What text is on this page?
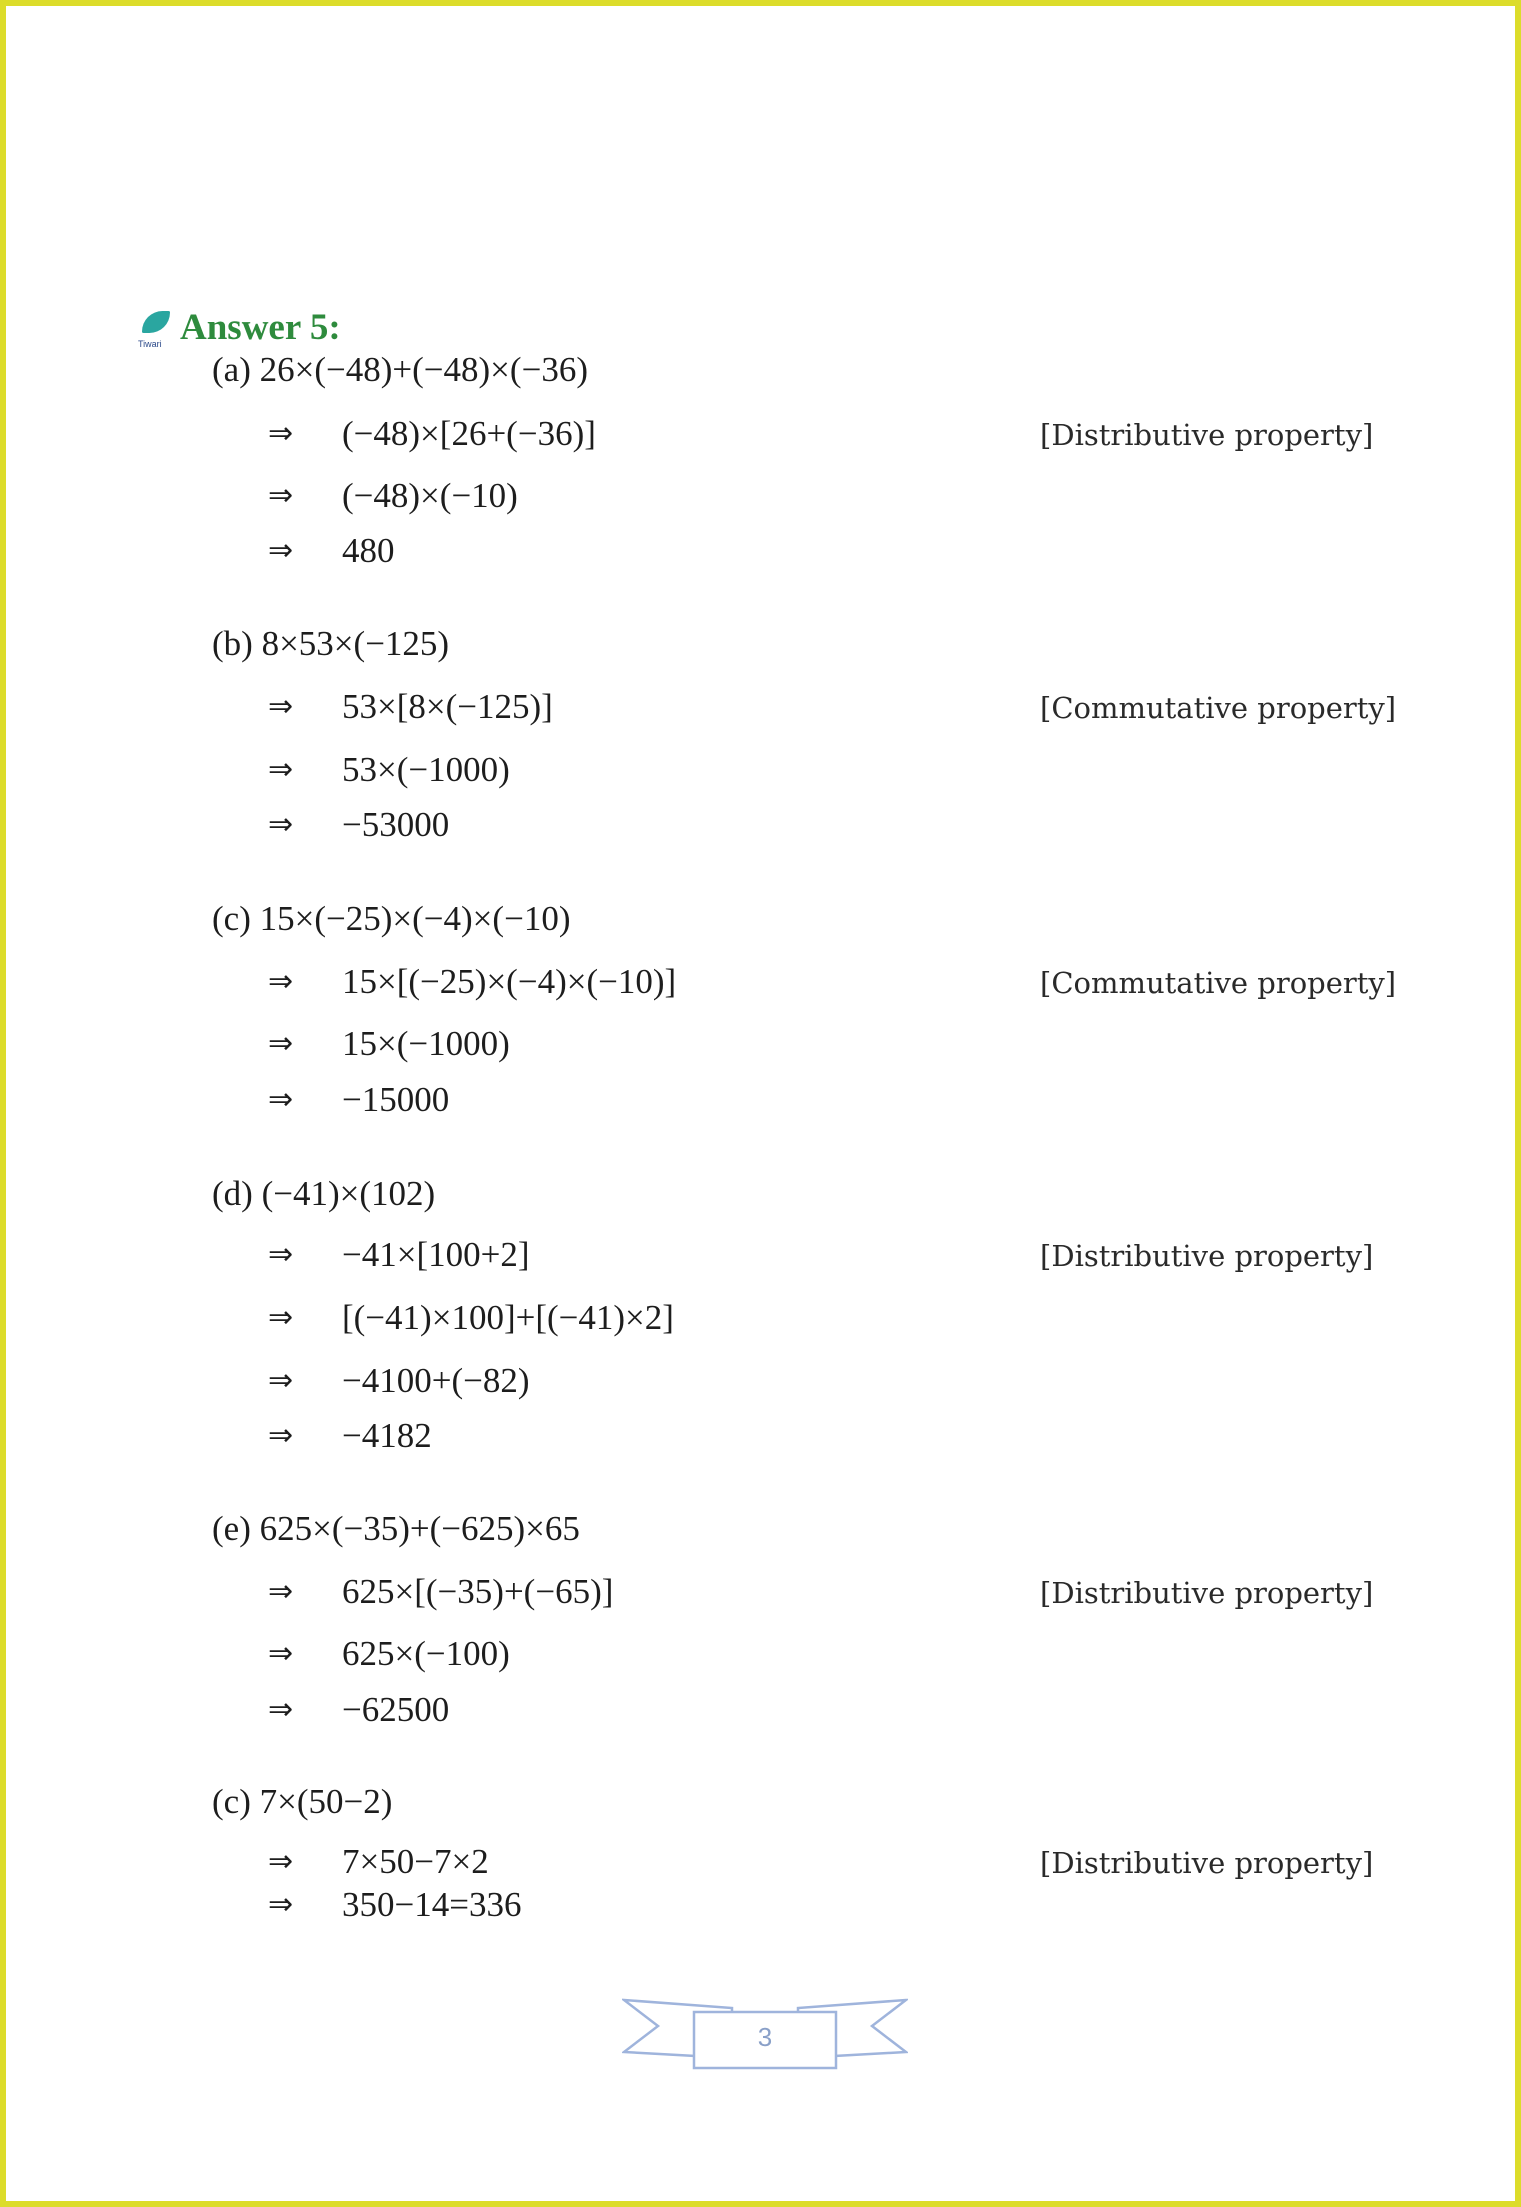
Tiwari Answer 5:
(a) 26×(−48)+(−48)×(−36)
⇒ (−48)×[26+(−36)]	[Distributive property]
⇒ (−48)×(−10)
⇒ 480
(b) 8×53×(−125)
⇒ 53×[8×(−125)]	[Commutative property]
⇒ 53×(−1000)
⇒ −53000
(c) 15×(−25)×(−4)×(−10)
⇒ 15×[(−25)×(−4)×(−10)]	[Commutative property]
⇒ 15×(−1000)
⇒ −15000
(d) (−41)×(102)
⇒ −41×[100+2]	[Distributive property]
⇒ [(−41)×100]+[(−41)×2]
⇒ −4100+(−82)
⇒ −4182
(e) 625×(−35)+(−625)×65
⇒ 625×[(−35)+(−65)]	[Distributive property]
⇒ 625×(−100)
⇒ −62500
(c) 7×(50−2)
⇒ 7×50−7×2	[Distributive property]
⇒ 350−14=336
3
